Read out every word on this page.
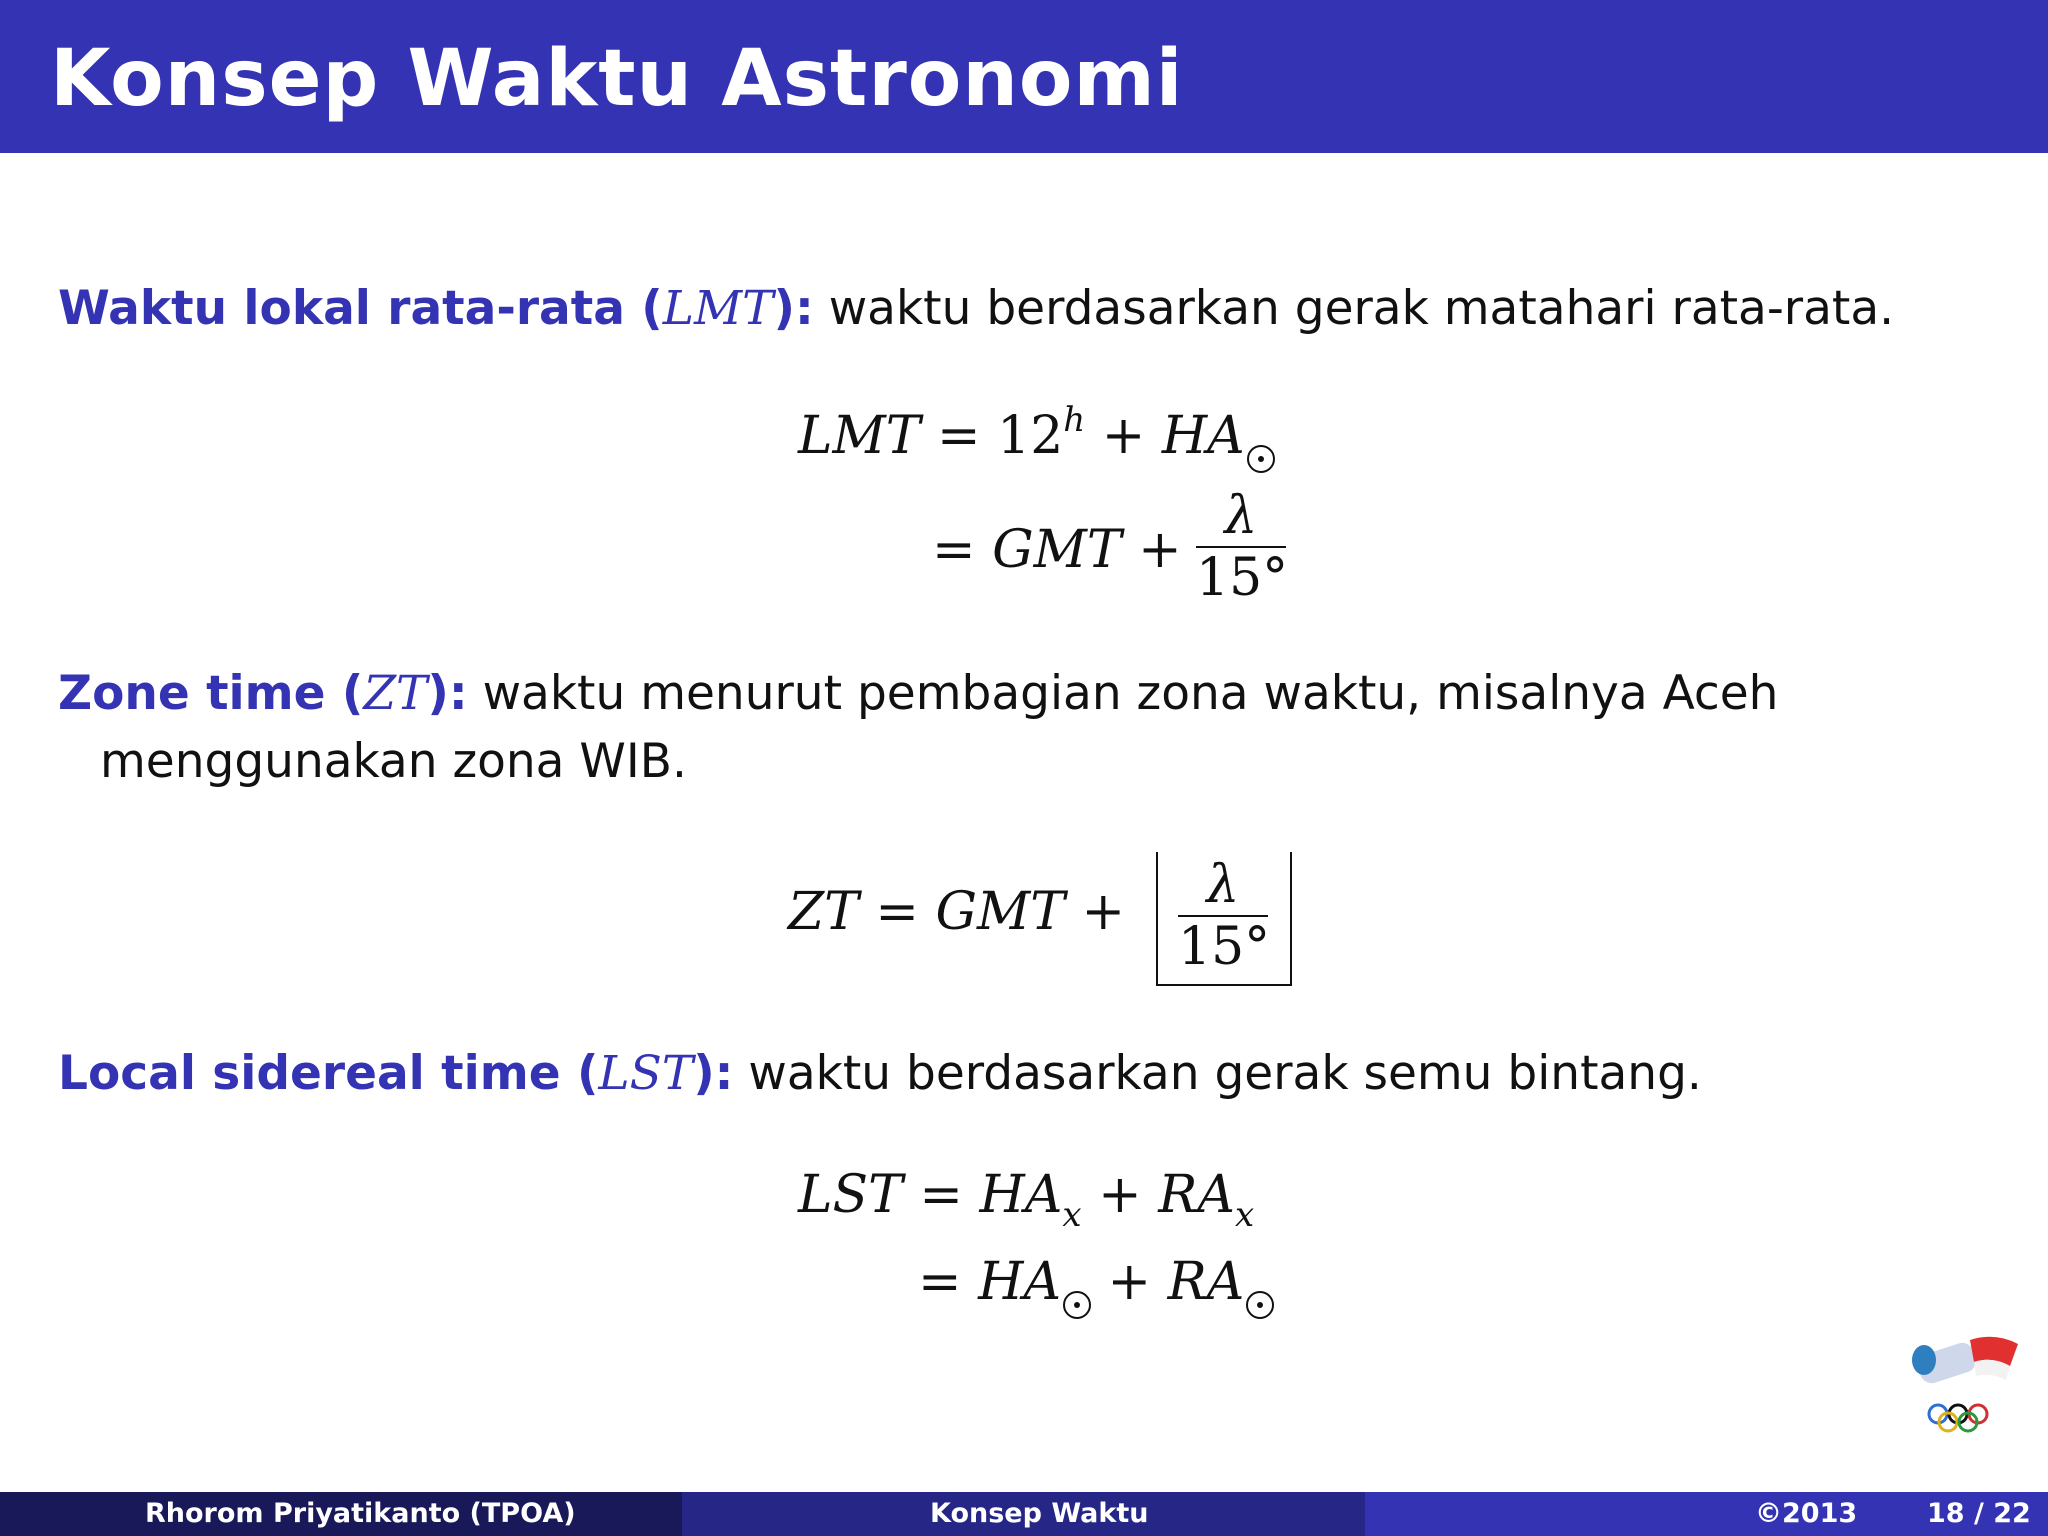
Konsep Waktu Astronomi
Waktu lokal rata-rata (LMT): waktu berdasarkan gerak matahari rata-rata.
LMT = $12^h$ + HA
= GMT +
λ
15°
Zone time (ZT): waktu menurut pembagian zona waktu, misalnya Aceh
menggunakan zona WIB.
ZT = GMT +	λ
15°
Local sidereal time (LST): waktu berdasarkan gerak semu bintang.
LST = $HA_x + RA_x$
= HA + RA
Rhorom Priyatikanto (TPOA)	Konsep Waktu	©2013	18 / 22
